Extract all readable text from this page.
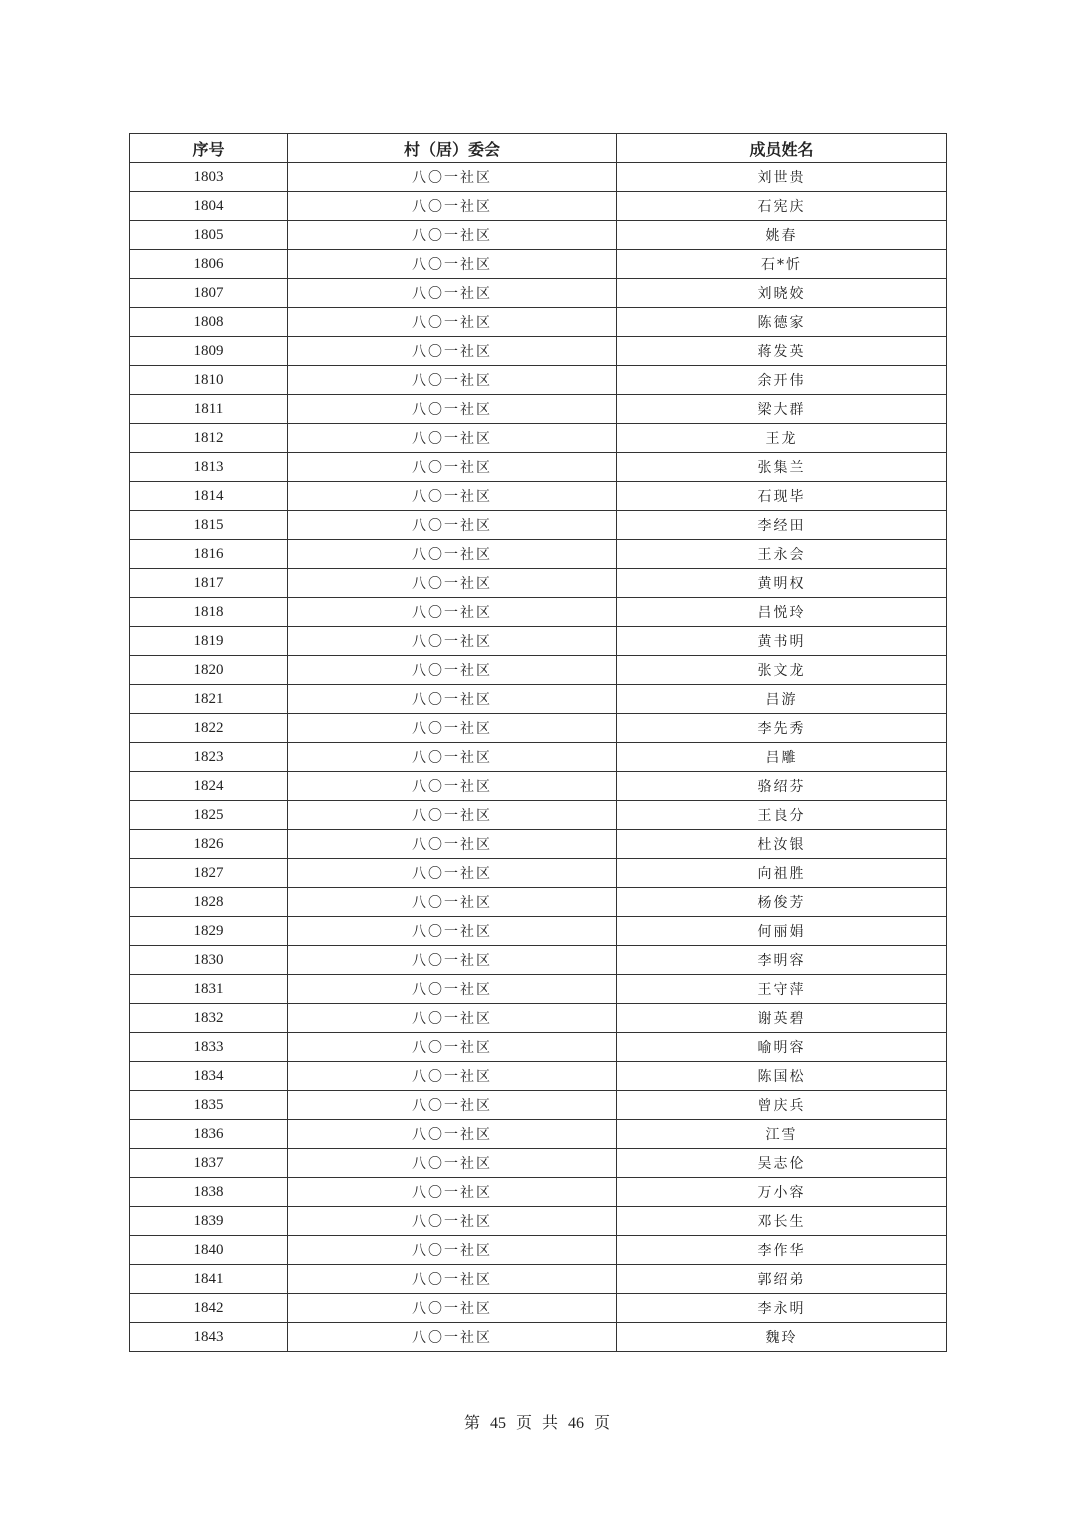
序号	村（居）委会	成员姓名
1803	八〇一社区	刘世贵
1804	八〇一社区	石宪庆
1805	八〇一社区	姚春
1806	八〇一社区	石*忻
1807	八〇一社区	刘晓姣
1808	八〇一社区	陈德家
1809	八〇一社区	蒋发英
1810	八〇一社区	余开伟
1811	八〇一社区	梁大群
1812	八〇一社区	王龙
1813	八〇一社区	张集兰
1814	八〇一社区	石现毕
1815	八〇一社区	李经田
1816	八〇一社区	王永会
1817	八〇一社区	黄明权
1818	八〇一社区	吕悦玲
1819	八〇一社区	黄书明
1820	八〇一社区	张文龙
1821	八〇一社区	吕游
1822	八〇一社区	李先秀
1823	八〇一社区	吕雕
1824	八〇一社区	骆绍芬
1825	八〇一社区	王良分
1826	八〇一社区	杜汝银
1827	八〇一社区	向祖胜
1828	八〇一社区	杨俊芳
1829	八〇一社区	何丽娟
1830	八〇一社区	李明容
1831	八〇一社区	王守萍
1832	八〇一社区	谢英碧
1833	八〇一社区	喻明容
1834	八〇一社区	陈国松
1835	八〇一社区	曾庆兵
1836	八〇一社区	江雪
1837	八〇一社区	吴志伦
1838	八〇一社区	万小容
1839	八〇一社区	邓长生
1840	八〇一社区	李作华
1841	八〇一社区	郭绍弟
1842	八〇一社区	李永明
1843	八〇一社区	魏玲
第 45 页 共 46 页
